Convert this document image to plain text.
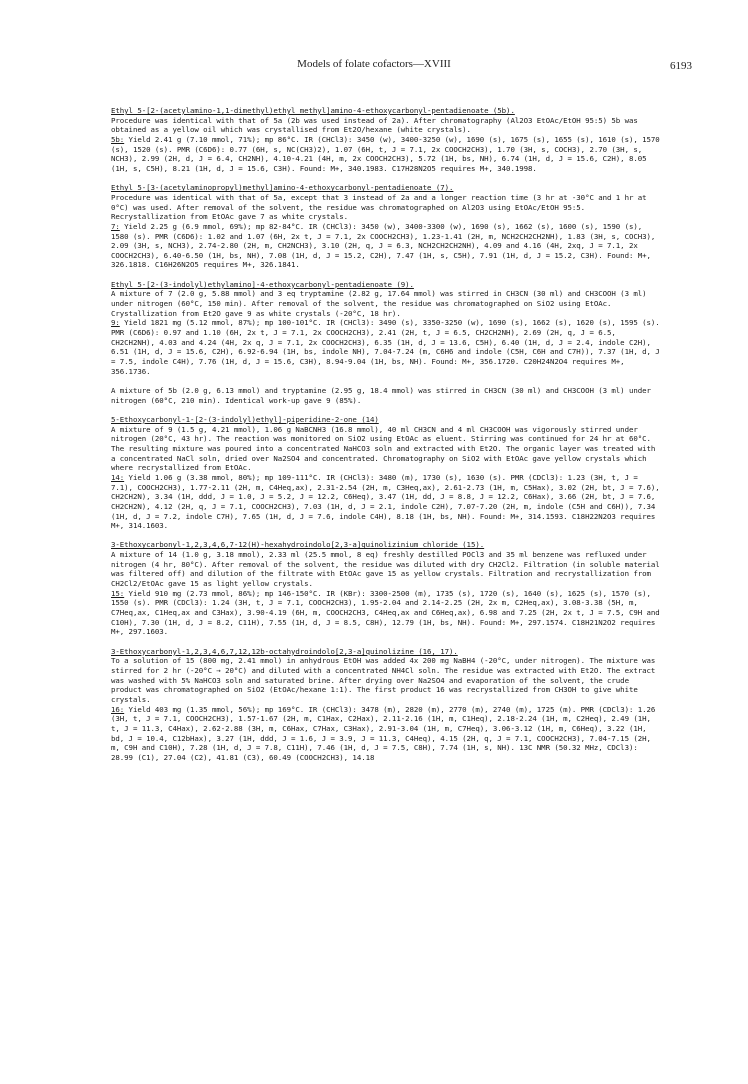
Models of folate cofactors—XVIII	6193
Ethyl 5-[2-(acetylamino-1,1-dimethyl)ethyl methyl]amino-4-ethoxycarbonyl-pentadienoate (5b).
Procedure was identical with that of 5a (2b was used instead of 2a). After chromatography (Al2O3 EtOAc/EtOH 95:5) 5b was obtained as a yellow oil which was crystallised from Et2O/hexane (white crystals).
5b: Yield 2.41 g (7.10 mmol, 71%); mp 86°C. IR (CHCl3): 3450 (w), 3400-3250 (w), 1690 (s), 1675 (s), 1655 (s), 1610 (s), 1570 (s), 1520 (s). PMR (C6D6): 0.77 (6H, s, NC(CH3)2), 1.07 (6H, t, J = 7.1, 2x COOCH2CH3), 1.70 (3H, s, COCH3), 2.70 (3H, s, NCH3), 2.99 (2H, d, J = 6.4, CH2NH), 4.10-4.21 (4H, m, 2x COOCH2CH3), 5.72 (1H, bs, NH), 6.74 (1H, d, J = 15.6, C2H), 8.05 (1H, s, C5H), 8.21 (1H, d, J = 15.6, C3H). Found: M+, 340.1983. C17H28N2O5 requires M+, 340.1998.
Ethyl 5-[3-(acetylaminopropyl)methyl]amino-4-ethoxycarbonyl-pentadienoate (7).
Procedure was identical with that of 5a, except that 3 instead of 2a and a longer reaction time (3 hr at -30°C and 1 hr at 0°C) was used. After removal of the solvent, the residue was chromatographed on Al2O3 using EtOAc/EtOH 95:5. Recrystallization from EtOAc gave 7 as white crystals.
7: Yield 2.25 g (6.9 mmol, 69%); mp 82-84°C. IR (CHCl3): 3450 (w), 3400-3300 (w), 1690 (s), 1662 (s), 1600 (s), 1590 (s), 1580 (s). PMR (C6D6): 1.02 and 1.07 (6H, 2x t, J = 7.1, 2x COOCH2CH3), 1.23-1.41 (2H, m, NCH2CH2CH2NH), 1.83 (3H, s, COCH3), 2.09 (3H, s, NCH3), 2.74-2.80 (2H, m, CH2NCH3), 3.10 (2H, q, J = 6.3, NCH2CH2CH2NH), 4.09 and 4.16 (4H, 2xq, J = 7.1, 2x COOCH2CH3), 6.40-6.50 (1H, bs, NH), 7.08 (1H, d, J = 15.2, C2H), 7.47 (1H, s, C5H), 7.91 (1H, d, J = 15.2, C3H). Found: M+, 326.1818. C16H26N2O5 requires M+, 326.1841.
Ethyl 5-[2-(3-indolyl)ethylamino]-4-ethoxycarbonyl-pentadienoate (9).
A mixture of 7 (2.0 g, 5.88 mmol) and 3 eq tryptamine (2.82 g, 17.64 mmol) was stirred in CH3CN (30 ml) and CH3COOH (3 ml) under nitrogen (60°C, 150 min). After removal of the solvent, the residue was chromatographed on SiO2 using EtOAc. Crystallization from Et2O gave 9 as white crystals (-20°C, 18 hr).
9: Yield 1821 mg (5.12 mmol, 87%); mp 100-101°C. IR (CHCl3): 3490 (s), 3350-3250 (w), 1690 (s), 1662 (s), 1620 (s), 1595 (s). PMR (C6D6): 0.97 and 1.10 (6H, 2x t, J = 7.1, 2x COOCH2CH3), 2.41 (2H, t, J = 6.5, CH2CH2NH), 2.69 (2H, q, J = 6.5, CH2CH2NH), 4.03 and 4.24 (4H, 2x q, J = 7.1, 2x COOCH2CH3), 6.35 (1H, d, J = 13.6, C5H), 6.40 (1H, d, J = 2.4, indole C2H), 6.51 (1H, d, J = 15.6, C2H), 6.92-6.94 (1H, bs, indole NH), 7.04-7.24 (m, C6H6 and indole (C5H, C6H and C7H)), 7.37 (1H, d, J = 7.5, indole C4H), 7.76 (1H, d, J = 15.6, C3H), 8.94-9.04 (1H, bs, NH). Found: M+, 356.1720. C20H24N2O4 requires M+, 356.1736.
A mixture of 5b (2.0 g, 6.13 mmol) and tryptamine (2.95 g, 18.4 mmol) was stirred in CH3CN (30 ml) and CH3COOH (3 ml) under nitrogen (60°C, 210 min). Identical work-up gave 9 (85%).
5-Ethoxycarbonyl-1-[2-(3-indolyl)ethyl]-piperidine-2-one (14)
A mixture of 9 (1.5 g, 4.21 mmol), 1.06 g NaBCNH3 (16.8 mmol), 40 ml CH3CN and 4 ml CH3COOH was vigorously stirred under nitrogen (20°C, 43 hr). The reaction was monitored on SiO2 using EtOAc as eluent. Stirring was continued for 24 hr at 60°C. The resulting mixture was poured into a concentrated NaHCO3 soln and extracted with Et2O. The organic layer was treated with a concentrated NaCl soln, dried over Na2SO4 and concentrated. Chromatography on SiO2 with EtOAc gave yellow crystals which where recrystallized from EtOAc.
14: Yield 1.06 g (3.38 mmol, 80%); mp 109-111°C. IR (CHCl3): 3480 (m), 1730 (s), 1630 (s). PMR (CDCl3): 1.23 (3H, t, J = 7.1), COOCH2CH3), 1.77-2.11 (2H, m, C4Heq,ax), 2.31-2.54 (2H, m, C3Heq,ax), 2.61-2.73 (1H, m, C5Hax), 3.02 (2H, bt, J = 7.6), CH2CH2N), 3.34 (1H, ddd, J = 1.0, J = 5.2, J = 12.2, C6Heq), 3.47 (1H, dd, J = 8.8, J = 12.2, C6Hax), 3.66 (2H, bt, J = 7.6, CH2CH2N), 4.12 (2H, q, J = 7.1, COOCH2CH3), 7.03 (1H, d, J = 2.1, indole C2H), 7.07-7.20 (2H, m, indole (C5H and C6H)), 7.34 (1H, d, J = 7.2, indole C7H), 7.65 (1H, d, J = 7.6, indole C4H), 8.18 (1H, bs, NH). Found: M+, 314.1593. C18H22N2O3 requires M+, 314.1603.
3-Ethoxycarbonyl-1,2,3,4,6,7-12(H)-hexahydroindolo[2,3-a]quinolizinium chloride (15).
A mixture of 14 (1.0 g, 3.18 mmol), 2.33 ml (25.5 mmol, 8 eq) freshly destilled POCl3 and 35 ml benzene was refluxed under nitrogen (4 hr, 80°C). After removal of the solvent, the residue was diluted with dry CH2Cl2. Filtration (in soluble material was filtered off) and dilution of the filtrate with EtOAc gave 15 as yellow crystals. Filtration and recrystallization from CH2Cl2/EtOAc gave 15 as light yellow crystals.
15: Yield 910 mg (2.73 mmol, 86%); mp 146-150°C. IR (KBr): 3300-2500 (m), 1735 (s), 1720 (s), 1640 (s), 1625 (s), 1570 (s), 1550 (s). PMR (CDCl3): 1.24 (3H, t, J = 7.1, COOCH2CH3), 1.95-2.04 and 2.14-2.25 (2H, 2x m, C2Heq,ax), 3.08-3.38 (5H, m, C7Heq,ax, C1Heq,ax and C3Hax), 3.90-4.19 (6H, m, COOCH2CH3, C4Heq,ax and C6Heq,ax), 6.98 and 7.25 (2H, 2x t, J = 7.5, C9H and C10H), 7.30 (1H, d, J = 8.2, C11H), 7.55 (1H, d, J = 8.5, C8H), 12.79 (1H, bs, NH). Found: M+, 297.1574. C18H21N2O2 requires M+, 297.1603.
3-Ethoxycarbonyl-1,2,3,4,6,7,12,12b-octahydroindolo[2,3-a]quinolizine (16, 17).
To a solution of 15 (800 mg, 2.41 mmol) in anhydrous EtOH was added 4x 200 mg NaBH4 (-20°C, under nitrogen). The mixture was stirred for 2 hr (-20°C → 20°C) and diluted with a concentrated NH4Cl soln. The residue was extracted with Et2O. The extract was washed with 5% NaHCO3 soln and saturated brine. After drying over Na2SO4 and evaporation of the solvent, the crude product was chromatographed on SiO2 (EtOAc/hexane 1:1). The first product 16 was recrystallized from CH3OH to give white crystals.
16: Yield 403 mg (1.35 mmol, 56%); mp 169°C. IR (CHCl3): 3478 (m), 2820 (m), 2770 (m), 2740 (m), 1725 (m). PMR (CDCl3): 1.26 (3H, t, J = 7.1, COOCH2CH3), 1.57-1.67 (2H, m, C1Hax, C2Hax), 2.11-2.16 (1H, m, C1Heq), 2.18-2.24 (1H, m, C2Heq), 2.49 (1H, t, J = 11.3, C4Hax), 2.62-2.88 (3H, m, C6Hax, C7Hax, C3Hax), 2.91-3.04 (1H, m, C7Heq), 3.06-3.12 (1H, m, C6Heq), 3.22 (1H, bd, J = 10.4, C12bHax), 3.27 (1H, ddd, J = 1.6, J = 3.9, J = 11.3, C4Heq), 4.15 (2H, q, J = 7.1, COOCH2CH3), 7.04-7.15 (2H, m, C9H and C10H), 7.28 (1H, d, J = 7.8, C11H), 7.46 (1H, d, J = 7.5, C8H), 7.74 (1H, s, NH). 13C NMR (50.32 MHz, CDCl3): 28.99 (C1), 27.04 (C2), 41.81 (C3), 60.49 (COOCH2CH3), 14.18
